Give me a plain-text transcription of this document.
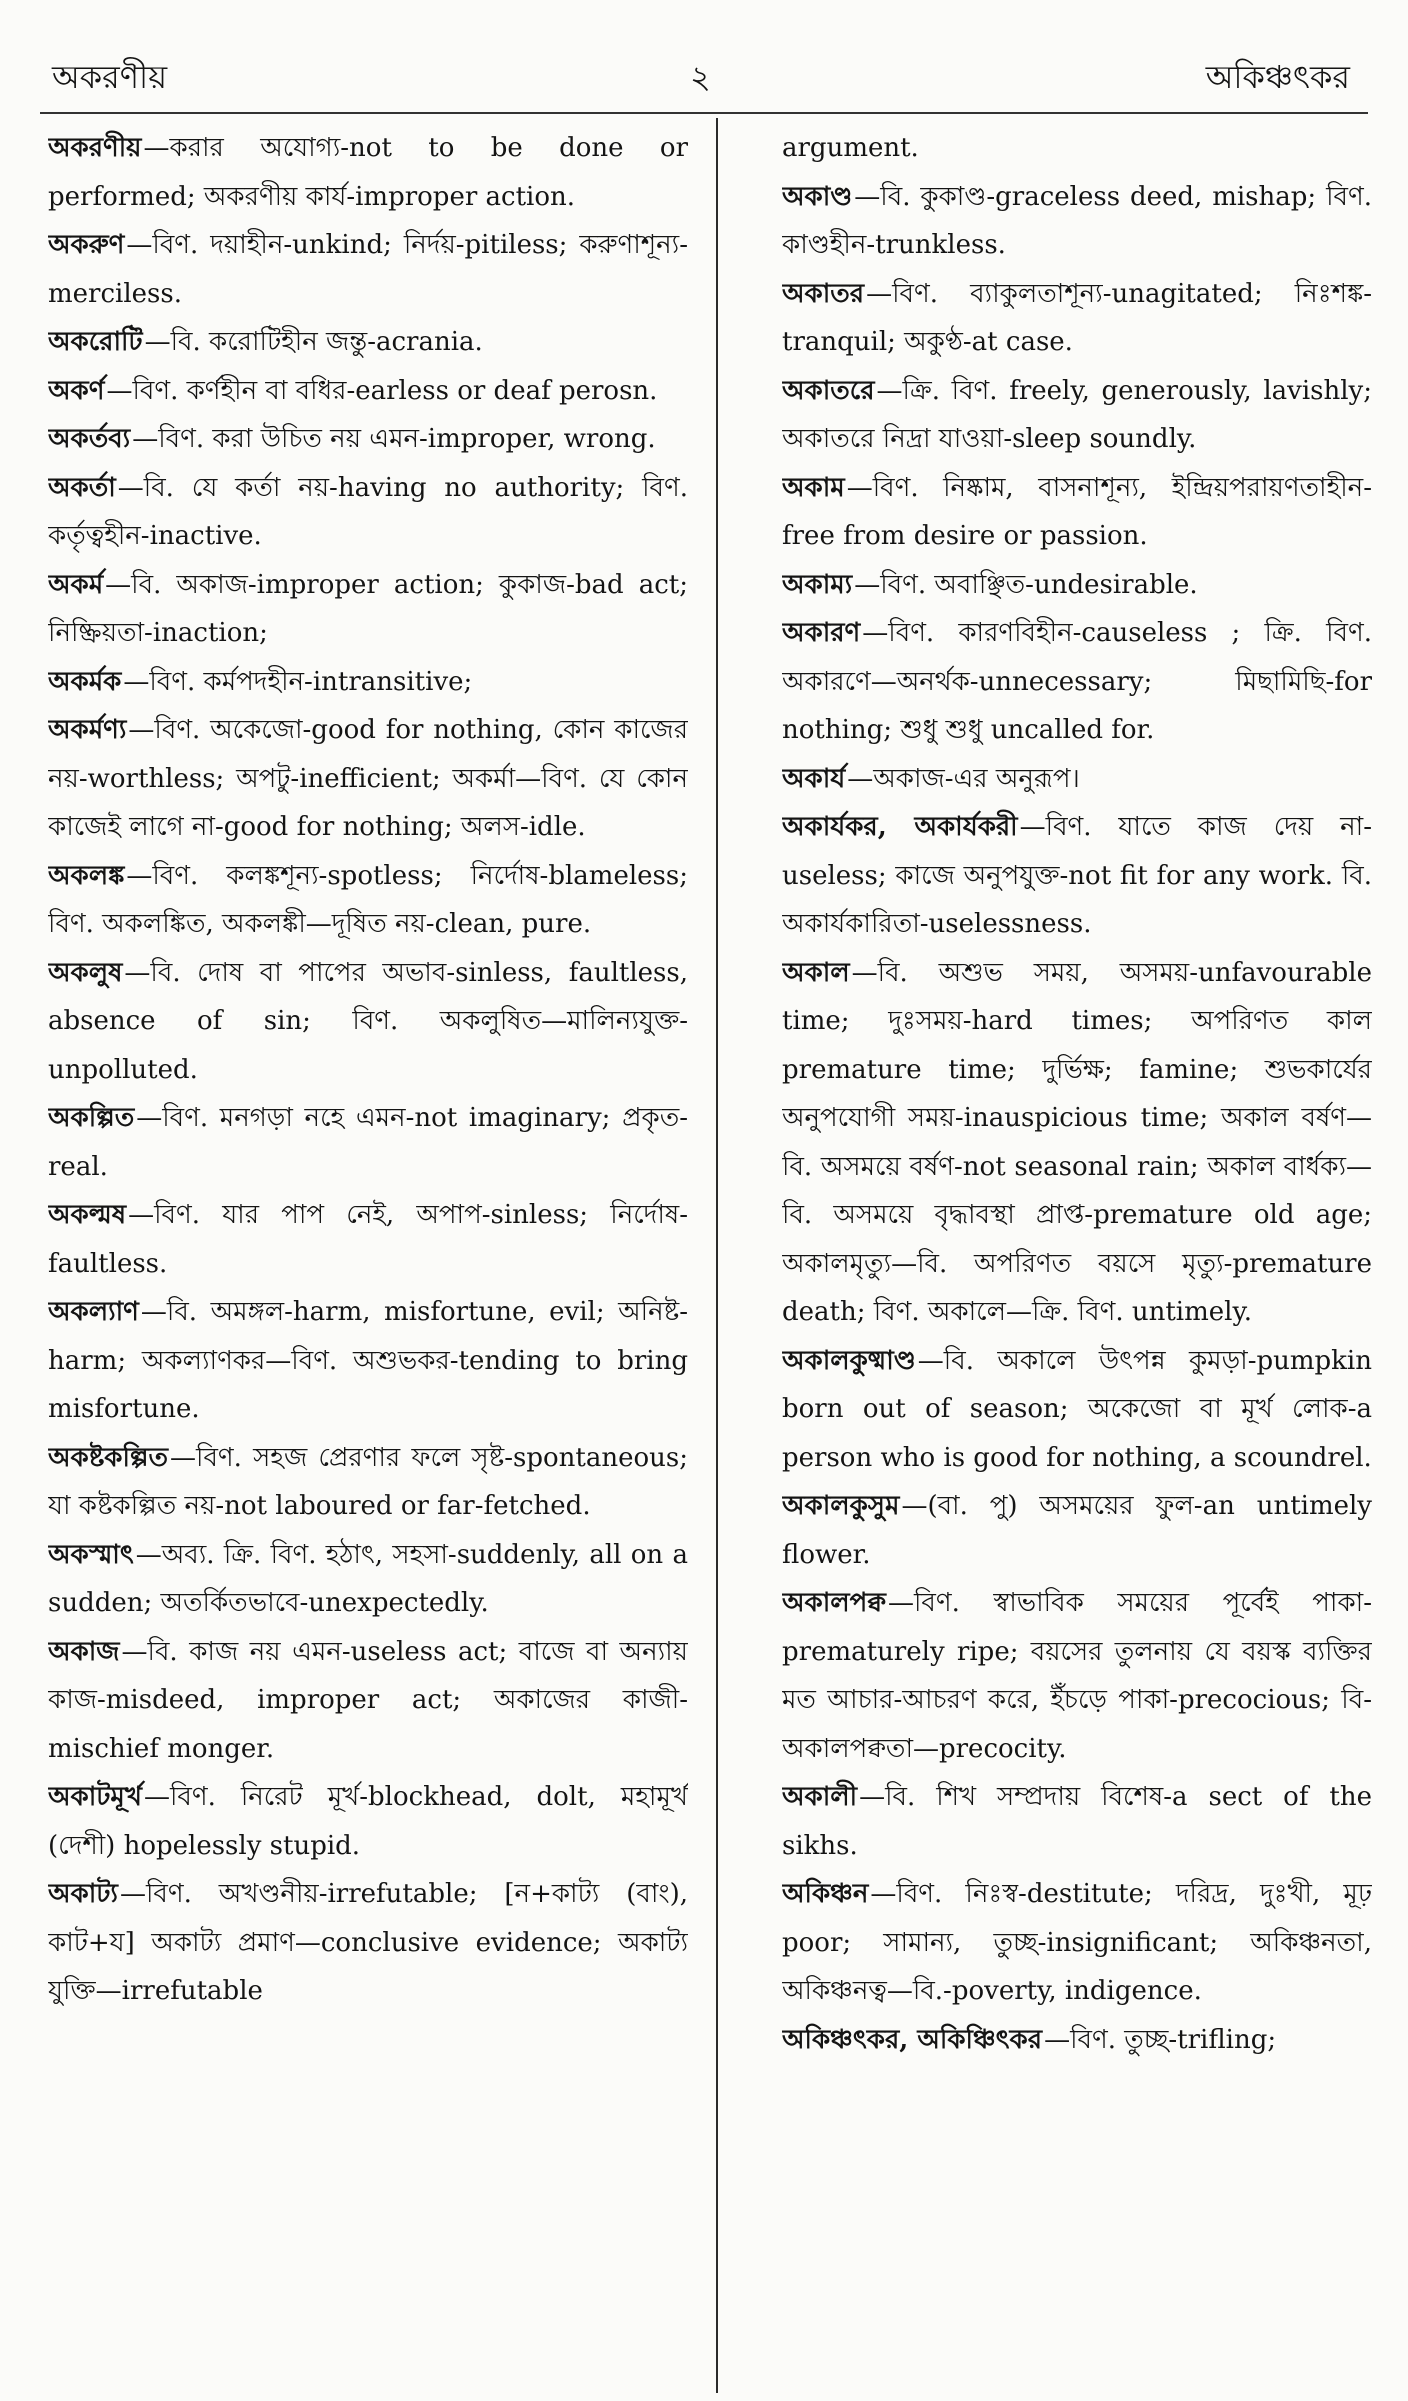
অকরণীয়	২	অকিঞ্চৎকর

অকরণীয়—করার অযোগ্য-not to be done or performed; অকরণীয় কার্য-improper action.

অকরুণ—বিণ. দয়াহীন-unkind; নির্দয়-pitiless; করুণাশূন্য-merciless.

অকরোটি—বি. করোটিহীন জন্তু-acrania.

অকর্ণ—বিণ. কর্ণহীন বা বধির-earless or deaf perosn.

অকর্তব্য—বিণ. করা উচিত নয় এমন-improper, wrong.

অকর্তা—বি. যে কর্তা নয়-having no authority; বিণ. কর্তৃত্বহীন-inactive.

অকর্ম—বি. অকাজ-improper action; কুকাজ-bad act; নিষ্ক্রিয়তা-inaction;

অকর্মক—বিণ. কর্মপদহীন-intransitive;

অকর্মণ্য—বিণ. অকেজো-good for nothing, কোন কাজের নয়-worthless; অপটু-inefficient; অকর্মা—বিণ. যে কোন কাজেই লাগে না-good for nothing; অলস-idle.

অকলঙ্ক—বিণ. কলঙ্কশূন্য-spotless; নির্দোষ-blameless; বিণ. অকলঙ্কিত, অকলঙ্কী—দূষিত নয়-clean, pure.

অকলুষ—বি. দোষ বা পাপের অভাব-sinless, faultless, absence of sin; বিণ. অকলুষিত—মালিন্যযুক্ত-unpolluted.

অকল্পিত—বিণ. মনগড়া নহে এমন-not imaginary; প্রকৃত-real.

অকল্মষ—বিণ. যার পাপ নেই, অপাপ-sinless; নির্দোষ-faultless.

অকল্যাণ—বি. অমঙ্গল-harm, misfortune, evil; অনিষ্ট-harm; অকল্যাণকর—বিণ. অশুভকর-tending to bring misfortune.

অকষ্টকল্পিত—বিণ. সহজ প্রেরণার ফলে সৃষ্ট-spontaneous; যা কষ্টকল্পিত নয়-not laboured or far-fetched.

অকস্মাৎ—অব্য. ক্রি. বিণ. হঠাৎ, সহসা-suddenly, all on a sudden; অতর্কিতভাবে-unexpectedly.

অকাজ—বি. কাজ নয় এমন-useless act; বাজে বা অন্যায় কাজ-misdeed, improper act; অকাজের কাজী-mischief monger.

অকাটমূর্খ—বিণ. নিরেট মূর্খ-blockhead, dolt, মহামূর্খ (দেশী) hopelessly stupid.

অকাট্য—বিণ. অখণ্ডনীয়-irrefutable; [ন+কাট্য (বাং), কাট+য] অকাট্য প্রমাণ—conclusive evidence; অকাট্য যুক্তি—irrefutable

argument.

অকাণ্ড—বি. কুকাণ্ড-graceless deed, mishap; বিণ. কাণ্ডহীন-trunkless.

অকাতর—বিণ. ব্যাকুলতাশূন্য-unagitated; নিঃশঙ্ক-tranquil; অকুণ্ঠ-at case.

অকাতরে—ক্রি. বিণ. freely, generously, lavishly; অকাতরে নিদ্রা যাওয়া-sleep soundly.

অকাম—বিণ. নিষ্কাম, বাসনাশূন্য, ইন্দ্রিয়পরায়ণতাহীন-free from desire or passion.

অকাম্য—বিণ. অবাঞ্ছিত-undesirable.

অকারণ—বিণ. কারণবিহীন-causeless ; ক্রি. বিণ. অকারণে—অনর্থক-unnecessary; মিছামিছি-for nothing; শুধু শুধু uncalled for.

অকার্য—অকাজ-এর অনুরূপ।

অকার্যকর, অকার্যকরী—বিণ. যাতে কাজ দেয় না-useless; কাজে অনুপযুক্ত-not fit for any work. বি. অকার্যকারিতা-uselessness.

অকাল—বি. অশুভ সময়, অসময়-unfavourable time; দুঃসময়-hard times; অপরিণত কাল premature time; দুর্ভিক্ষ; famine; শুভকার্যের অনুপযোগী সময়-inauspicious time; অকাল বর্ষণ—বি. অসময়ে বর্ষণ-not seasonal rain; অকাল বার্ধক্য—বি. অসময়ে বৃদ্ধাবস্থা প্রাপ্ত-premature old age; অকালমৃত্যু—বি. অপরিণত বয়সে মৃত্যু-premature death; বিণ. অকালে—ক্রি. বিণ. untimely.

অকালকুষ্মাণ্ড—বি. অকালে উৎপন্ন কুমড়া-pumpkin born out of season; অকেজো বা মূর্খ লোক-a person who is good for nothing, a scoundrel.

অকালকুসুম—(বা. পু) অসময়ের ফুল-an untimely flower.

অকালপক্ব—বিণ. স্বাভাবিক সময়ের পূর্বেই পাকা-prematurely ripe; বয়সের তুলনায় যে বয়স্ক ব্যক্তির মত আচার-আচরণ করে, ইঁচড়ে পাকা-precocious; বি-অকালপক্বতা—precocity.

অকালী—বি. শিখ সম্প্রদায় বিশেষ-a sect of the sikhs.

অকিঞ্চন—বিণ. নিঃস্ব-destitute; দরিদ্র, দুঃখী, মূঢ় poor; সামান্য, তুচ্ছ-insignificant; অকিঞ্চনতা, অকিঞ্চনত্ব—বি.-poverty, indigence.

অকিঞ্চৎকর, অকিঞ্চিৎকর—বিণ. তুচ্ছ-trifling;
